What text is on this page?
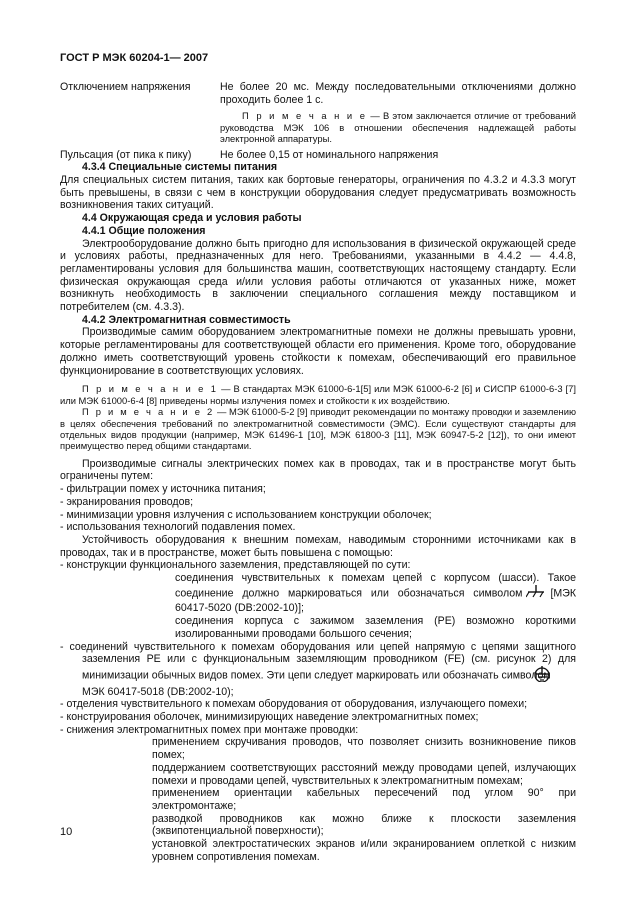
ГОСТ Р МЭК 60204-1— 2007
Отключением напряжения	Не более 20 мс. Между последовательными отключениями должно проходить более 1 с.
П р и м е ч а н и е — В этом заключается отличие от требований руководства МЭК 106 в отношении обеспечения надлежащей работы электронной аппаратуры.
Пульсация (от пика к пику)	Не более 0,15 от номинального напряжения

4.3.4 Специальные системы питания

Для специальных систем питания, таких как бортовые генераторы, ограничения по 4.3.2 и 4.3.3 могут быть превышены, в связи с чем в конструкции оборудования следует предусматривать возможность возникновения таких ситуаций.

4.4 Окружающая среда и условия работы

4.4.1 Общие положения

Электрооборудование должно быть пригодно для использования в физической окружающей среде и условиях работы, предназначенных для него. Требованиями, указанными в 4.4.2 — 4.4.8, регламентированы условия для большинства машин, соответствующих настоящему стандарту. Если физическая окружающая среда и/или условия работы отличаются от указанных ниже, может возникнуть необходимость в заключении специального соглашения между поставщиком и потребителем (см. 4.3.3).

4.4.2 Электромагнитная совместимость

Производимые самим оборудованием электромагнитные помехи не должны превышать уровни, которые регламентированы для соответствующей области его применения. Кроме того, оборудование должно иметь соответствующий уровень стойкости к помехам, обеспечивающий его правильное функционирование в соответствующих условиях.

П р и м е ч а н и е 1 — В стандартах МЭК 61000-6-1[5] или МЭК 61000-6-2 [6] и СИСПР 61000-6-3 [7] или МЭК 61000-6-4 [8] приведены нормы излучения помех и стойкости к их воздействию.

П р и м е ч а н и е 2 — МЭК 61000-5-2 [9] приводит рекомендации по монтажу проводки и заземлению в целях обеспечения требований по электромагнитной совместимости (ЭМС). Если существуют стандарты для отдельных видов продукции (например, МЭК 61496-1 [10], МЭК 61800-3 [11], МЭК 60947-5-2 [12]), то они имеют преимущество перед общими стандартами.

Производимые сигналы электрических помех как в проводах, так и в пространстве могут быть ограничены путем:

- фильтрации помех у источника питания;

- экранирования проводов;

- минимизации уровня излучения с использованием конструкции оболочек;

- использования технологий подавления помех.

Устойчивость оборудования к внешним помехам, наводимым сторонними источниками как в проводах, так и в пространстве, может быть повышена с помощью:

- конструкции функционального заземления, представляющей по сути:

соединения чувствительных к помехам цепей с корпусом (шасси). Такое соединение должно маркироваться или обозначаться символом	[МЭК 60417-5020 (DB:2002-10)];

соединения корпуса с зажимом заземления (РЕ) возможно короткими изолированными проводами большого сечения;

- соединений чувствительного к помехам оборудования или цепей напрямую с цепями защитного заземления РЕ или с функциональным заземляющим проводником (FE) (см. рисунок 2) для минимизации обычных видов помех. Эти цепи следует маркировать или обозначать символом
МЭК 60417-5018 (DB:2002-10);

- отделения чувствительного к помехам оборудования от оборудования, излучающего помехи;

- конструирования оболочек, минимизирующих наведение электромагнитных помех;

- снижения электромагнитных помех при монтаже проводки:

применением скручивания проводов, что позволяет снизить возникновение пиков помех;

поддержанием соответствующих расстояний между проводами цепей, излучающих помехи и проводами цепей, чувствительных к электромагнитным помехам;

применением ориентации кабельных пересечений под углом 90° при электромонтаже;

разводкой проводников как можно ближе к плоскости заземления (эквипотенциальной поверхности);

установкой электростатических экранов и/или экранированием оплеткой с низким уровнем сопротивления помехам.

10
